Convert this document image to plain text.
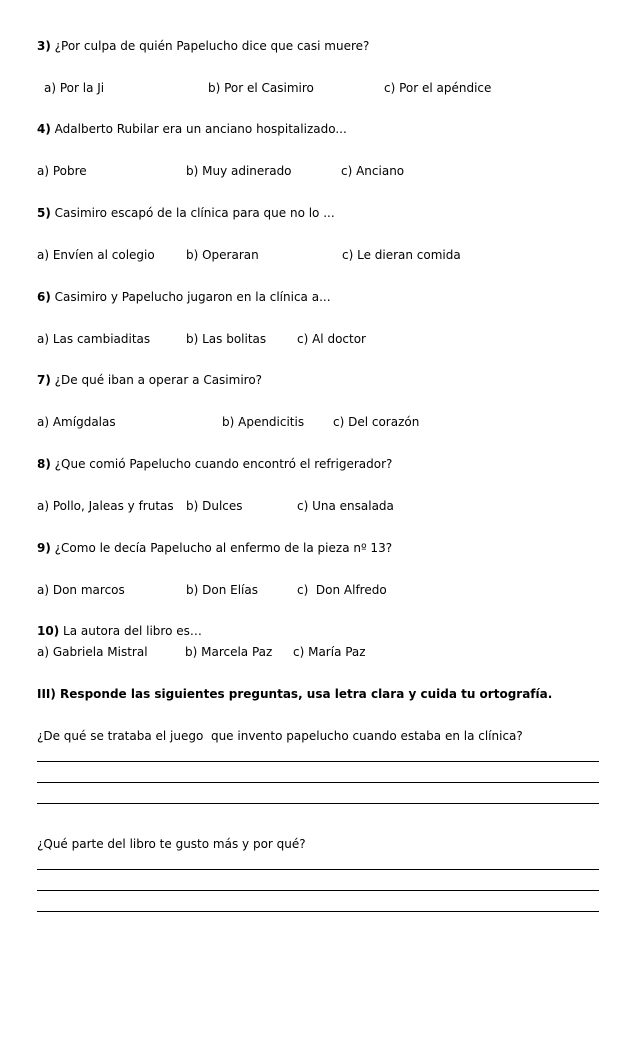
3) ¿Por culpa de quién Papelucho dice que casi muere?
a) Por la Ji	b) Por el Casimiro	c) Por el apéndice
4) Adalberto Rubilar era un anciano hospitalizado...
a) Pobre	b) Muy adinerado	c) Anciano
5) Casimiro escapó de la clínica para que no lo ...
a) Envíen al colegio	b) Operaran	c) Le dieran comida
6) Casimiro y Papelucho jugaron en la clínica a...
a) Las cambiaditas	b) Las bolitas	c) Al doctor
7) ¿De qué iban a operar a Casimiro?
a) Amígdalas	b) Apendicitis c) Del corazón
8) ¿Que comió Papelucho cuando encontró el refrigerador?
a) Pollo, Jaleas y frutas b) Dulces	c) Una ensalada
9) ¿Como le decía Papelucho al enfermo de la pieza nº 13?
a) Don marcos	b) Don Elías	c)  Don Alfredo
10) La autora del libro es…
a) Gabriela Mistral	b) Marcela Paz c) María Paz
III) Responde las siguientes preguntas, usa letra clara y cuida tu ortografía.
¿De qué se trataba el juego  que invento papelucho cuando estaba en la clínica?
¿Qué parte del libro te gusto más y por qué?
